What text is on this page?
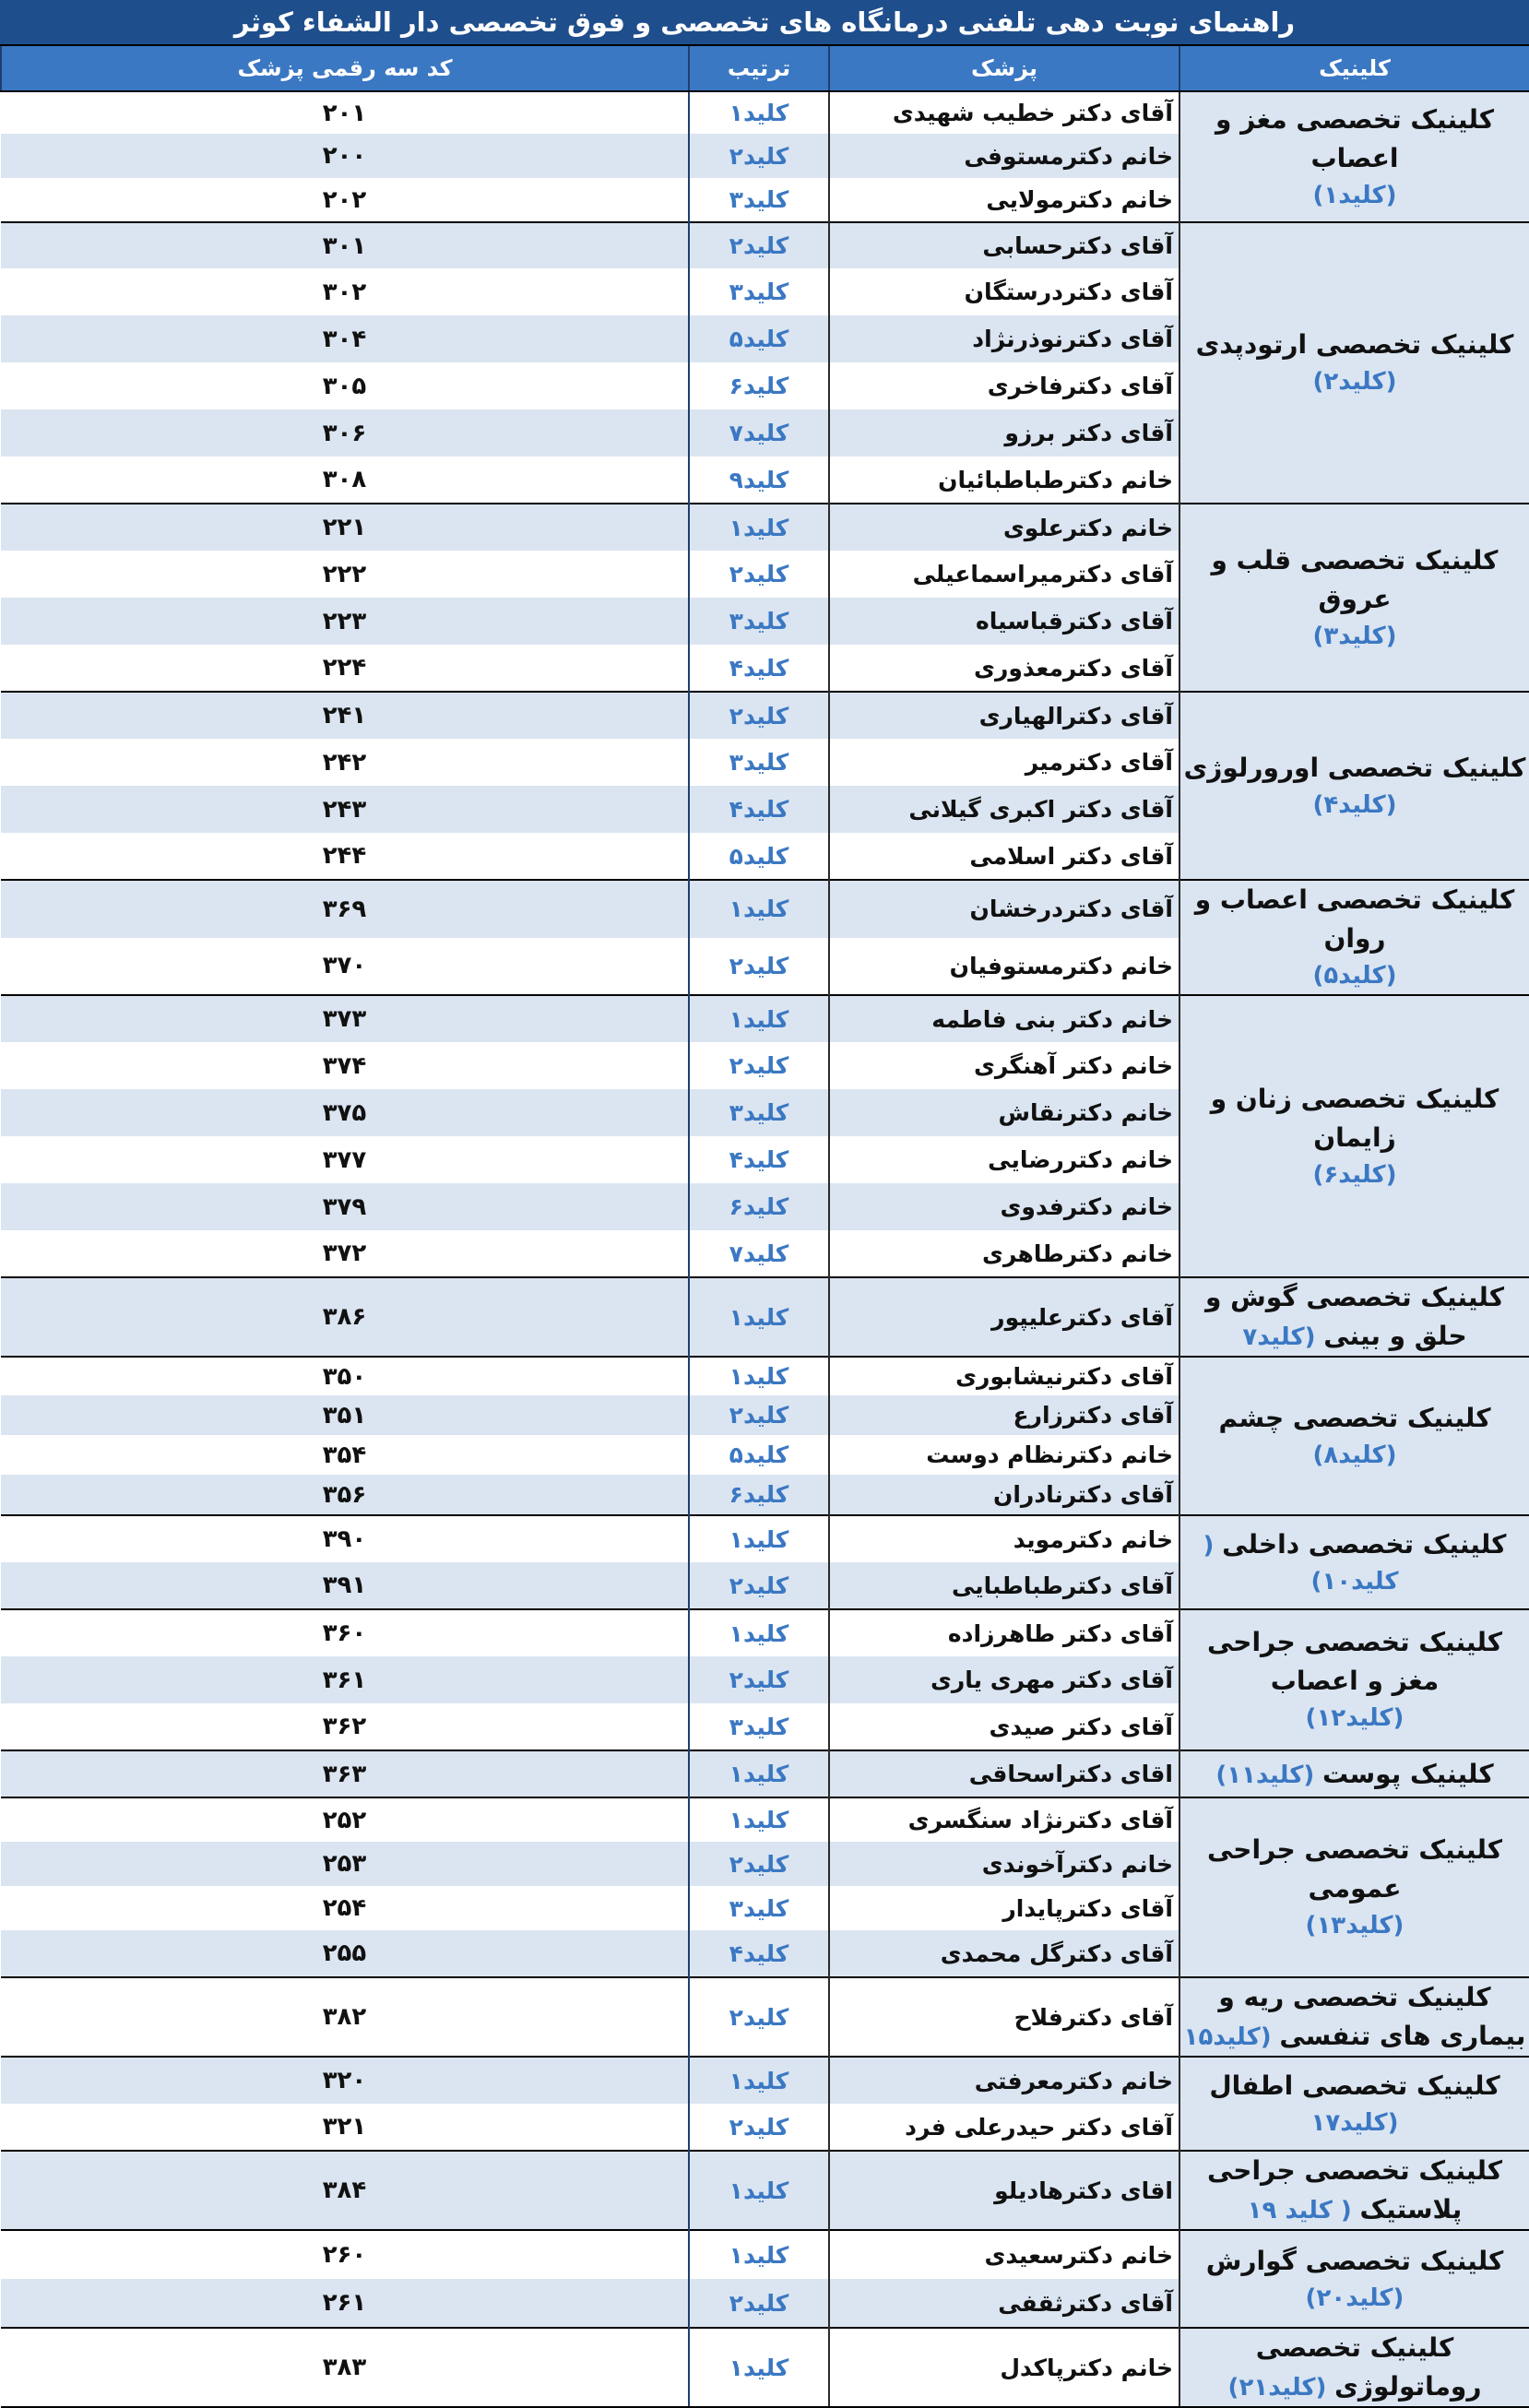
راهنمای نوبت دهی تلفنی درمانگاه های تخصصی و فوق تخصصی دار الشفاء کوثر
کلینیک	پزشک	ترتیب	کد سه رقمی پزشک

کلینیک تخصصی مغز و اعصاب
(کلید۱)	آقای دکتر خطیب شهیدی	کلید۱	۲۰۱
	خانم دکترمستوفی	کلید۲	۲۰۰
	خانم دکترمولایی	کلید۳	۲۰۲

کلینیک تخصصی ارتودپدی
(کلید۲)	آقای دکترحسابی	کلید۲	۳۰۱
	آقای دکتردرستگان	کلید۳	۳۰۲
	آقای دکترنوذرنژاد	کلید۵	۳۰۴
	آقای دکترفاخری	کلید۶	۳۰۵
	آقای دکتر برزو	کلید۷	۳۰۶
	خانم دکترطباطبائیان	کلید۹	۳۰۸

کلینیک تخصصی قلب و عروق
(کلید۳)	خانم دکترعلوی	کلید۱	۲۲۱
	آقای دکترمیراسماعیلی	کلید۲	۲۲۲
	آقای دکترقباسیاه	کلید۳	۲۲۳
	آقای دکترمعذوری	کلید۴	۲۲۴

کلینیک تخصصی اورورلوژی
(کلید۴)	آقای دکترالهیاری	کلید۲	۲۴۱
	آقای دکترمیر	کلید۳	۲۴۲
	آقای دکتر اکبری گیلانی	کلید۴	۲۴۳
	آقای دکتر اسلامی	کلید۵	۲۴۴

کلینیک تخصصی اعصاب و روان
(کلید۵)	آقای دکتردرخشان	کلید۱	۳۶۹
	خانم دکترمستوفیان	کلید۲	۳۷۰

کلینیک تخصصی زنان و زایمان
(کلید۶)	خانم دکتر بنی فاطمه	کلید۱	۳۷۳
	خانم دکتر آهنگری	کلید۲	۳۷۴
	خانم دکترنقاش	کلید۳	۳۷۵
	خانم دکتررضایی	کلید۴	۳۷۷
	خانم دکترفدوی	کلید۶	۳۷۹
	خانم دکترطاهری	کلید۷	۳۷۲
کلینیک تخصصی گوش و حلق و بینی (کلید۷	آقای دکترعلیپور	کلید۱	۳۸۶

کلینیک تخصصی چشم
(کلید۸)	آقای دکترنیشابوری	کلید۱	۳۵۰
	آقای دکترزارع	کلید۲	۳۵۱
	خانم دکترنظام دوست	کلید۵	۳۵۴
	آقای دکترنادران	کلید۶	۳۵۶
کلینیک تخصصی داخلی ( کلید۱۰)	خانم دکترموید	کلید۱	۳۹۰
	آقای دکترطباطبایی	کلید۲	۳۹۱

کلینیک تخصصی جراحی مغز و اعصاب
(کلید۱۲)	آقای دکتر طاهرزاده	کلید۱	۳۶۰
	آقای دکتر مهری یاری	کلید۲	۳۶۱
	آقای دکتر صیدی	کلید۳	۳۶۲
کلینیک پوست (کلید۱۱)	اقای دکتراسحاقی	کلید۱	۳۶۳

کلینیک تخصصی جراحی عمومی
(کلید۱۳)	آقای دکترنژاد سنگسری	کلید۱	۲۵۲
	خانم دکترآخوندی	کلید۲	۲۵۳
	آقای دکترپایدار	کلید۳	۲۵۴
	آقای دکترگل محمدی	کلید۴	۲۵۵
کلینیک تخصصی ریه و بیماری های تنفسی (کلید۱۵	آقای دکترفلاح	کلید۲	۳۸۲
کلینیک تخصصی اطفال (کلید۱۷	خانم دکترمعرفتی	کلید۱	۳۲۰
	آقای دکتر حیدرعلی فرد	کلید۲	۳۲۱
کلینیک تخصصی جراحی پلاستیک ( کلید ۱۹	اقای دکترهادیلو	کلید۱	۳۸۴
کلینیک تخصصی گوارش (کلید۲۰)	خانم دکترسعیدی	کلید۱	۲۶۰
	آقای دکترثقفی	کلید۲	۲۶۱
کلینیک تخصصی روماتولوژی (کلید۲۱)	خانم دکترپاکدل	کلید۱	۳۸۳
